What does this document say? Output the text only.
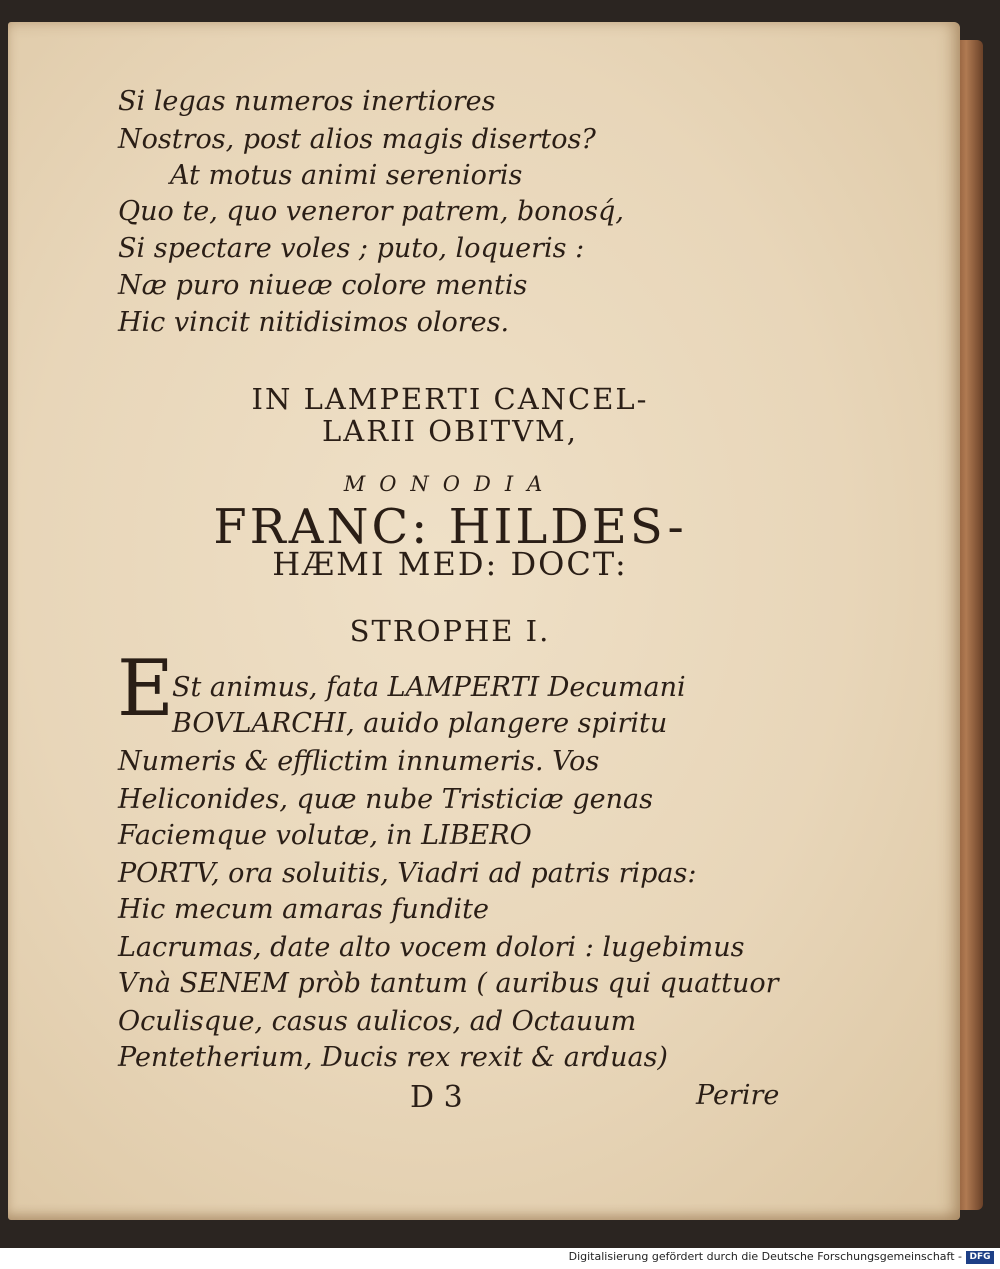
Si legas numeros inertiores
Nostros, post alios magis disertos?
At motus animi serenioris
Quo te, quo veneror patrem, bonosq́,
Si spectare voles ; puto, loqueris :
Næ puro niueæ colore mentis
Hic vincit nitidisimos olores.
IN LAMPERTI CANCEL-
LARII OBITVM,
MONODIA
FRANC: HILDES-
HÆMI MED: DOCT:
STROPHE I.
E
St animus, fata LAMPERTI Decumani
BOVLARCHI, auido plangere spiritu
Numeris & efflictim innumeris. Vos
Heliconides, quæ nube Tristiciæ genas
Faciemque volutæ, in LIBERO
PORTV, ora soluitis, Viadri ad patris ripas:
Hic mecum amaras fundite
Lacrumas, date alto vocem dolori : lugebimus
Vnà SENEM pròb tantum ( auribus qui quattuor
Oculisque, casus aulicos, ad Octauum
Pentetherium, Ducis rex rexit & arduas)
D 3	Perire
Digitalisierung gefördert durch die Deutsche Forschungsgemeinschaft - DFG
